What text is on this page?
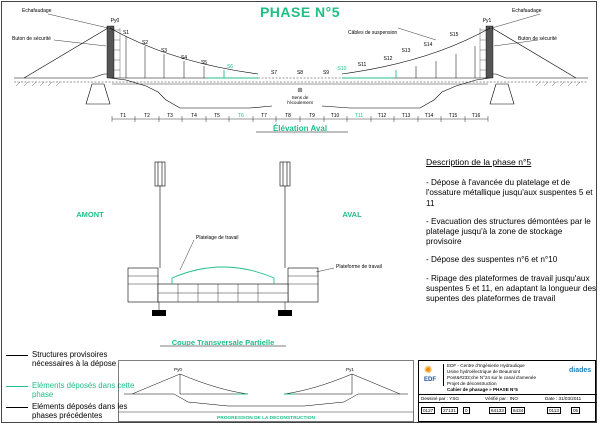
PHASE N°5
S1
S2
S3
S4
S5
S6
S7	S8	S9
S10
S11
S12
S13
S14
S15
Py0	Py1
Echafaudage
Buton de sécurité
Echafaudage
Buton de sécurité
Câbles de suspension
Sens de
l'écoulement
T1	T2	T3	T4	T5	T6	T7	T8	T9	T10	T11	T12	T13	T14	T15	T16
Élévation Aval
Platelage de travail
Plateforme de travail
AMONT	AVAL
Coupe Transversale Partielle

Description de la phase n°5

- Dépose à l'avancée du platelage et de l'ossature métallique jusqu'aux suspentes 5 et 11

- Evacuation des structures démontées par le platelage jusqu'à la zone de stockage provisoire

- Dépose des suspentes n°6 et n°10

- Ripage des plateformes de travail jusqu'aux suspentes 5 et 11, en adaptant la longueur des supentes des plateformes de travail

Structures provisoires nécessaires à la dépose
Eléments déposés dans cette phase
Eléments déposés dans les phases précédentes
Py0	Py1
PROGRESSION DE LA DECONSTRUCTION
✺
EDF
EDF - Centre d'Ingénierie Hydraulique
Usine hydroélectrique de Beaumont
Pont&#233;che N°24 sur le canal d'amenée
Projet de déconstruction
Cahier de phasage » PHASE N°5
diades
Dessiné par : YSG	Vérifié par : INO	Date : 31/03/2011
0127	27131	0	64133	6434	0113	05
